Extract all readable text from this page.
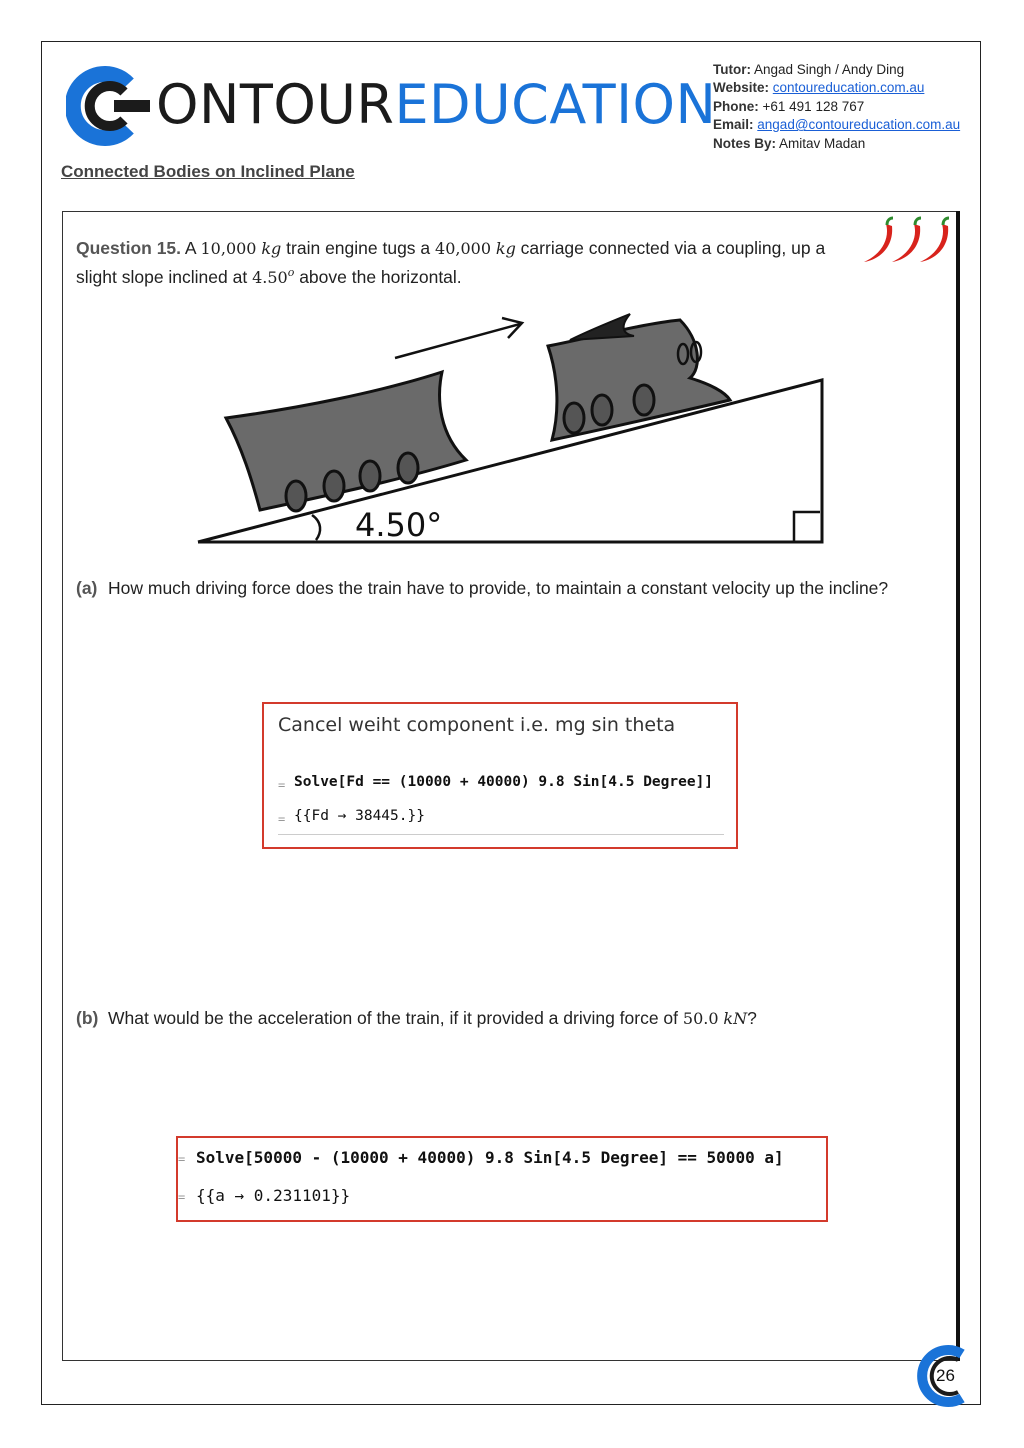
ONTOUREDUCATION
Tutor: Angad Singh / Andy Ding
Website: contoureducation.com.au
Phone: +61 491 128 767
Email: angad@contoureducation.com.au
Notes By: Amitav Madan
Connected Bodies on Inclined Plane
Question 15. A 10,000 kg train engine tugs a 40,000 kg carriage connected via a coupling, up a slight slope inclined at 4.50$^o$ above the horizontal.
4.50°
(a) How much driving force does the train have to provide, to maintain a constant velocity up the incline?
Cancel weiht component i.e. mg sin theta
= Solve[Fd == (10000 + 40000) 9.8 Sin[4.5 Degree]]
= {{Fd → 38445.}}
(b) What would be the acceleration of the train, if it provided a driving force of 50.0 kN?
= Solve[50000 - (10000 + 40000) 9.8 Sin[4.5 Degree] == 50000 a]
= {{a → 0.231101}}
26
